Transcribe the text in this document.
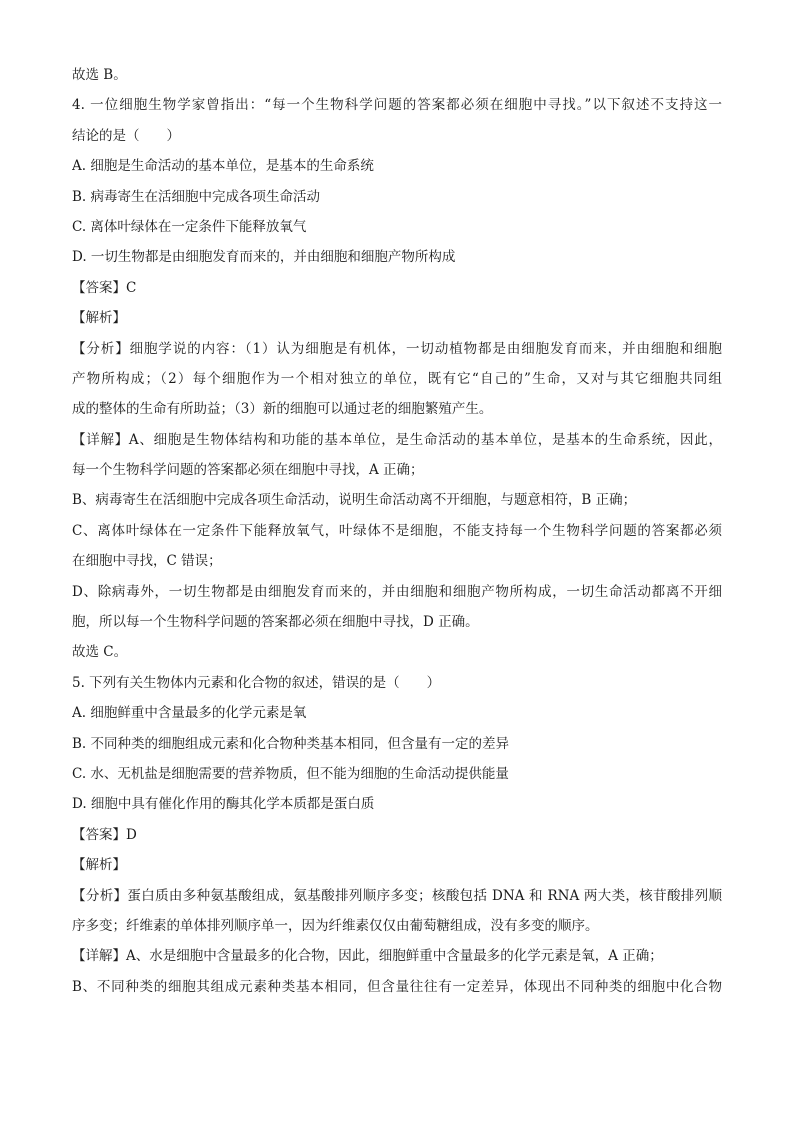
故选 B。
4. 一位细胞生物学家曾指出：“每一个生物科学问题的答案都必须在细胞中寻找。”以下叙述不支持这一
结论的是（　　）
A. 细胞是生命活动的基本单位，是基本的生命系统
B. 病毒寄生在活细胞中完成各项生命活动
C. 离体叶绿体在一定条件下能释放氧气
D. 一切生物都是由细胞发育而来的，并由细胞和细胞产物所构成
【答案】C
【解析】
【分析】细胞学说的内容：（1）认为细胞是有机体，一切动植物都是由细胞发育而来，并由细胞和细胞
产物所构成；（2）每个细胞作为一个相对独立的单位，既有它“自己的”生命，又对与其它细胞共同组
成的整体的生命有所助益；（3）新的细胞可以通过老的细胞繁殖产生。
【详解】A、细胞是生物体结构和功能的基本单位，是生命活动的基本单位，是基本的生命系统，因此，
每一个生物科学问题的答案都必须在细胞中寻找，A 正确；
B、病毒寄生在活细胞中完成各项生命活动，说明生命活动离不开细胞，与题意相符，B 正确；
C、离体叶绿体在一定条件下能释放氧气，叶绿体不是细胞，不能支持每一个生物科学问题的答案都必须
在细胞中寻找，C 错误；
D、除病毒外，一切生物都是由细胞发育而来的，并由细胞和细胞产物所构成，一切生命活动都离不开细
胞，所以每一个生物科学问题的答案都必须在细胞中寻找，D 正确。
故选 C。
5. 下列有关生物体内元素和化合物的叙述，错误的是（　　）
A. 细胞鲜重中含量最多的化学元素是氧
B. 不同种类的细胞组成元素和化合物种类基本相同，但含量有一定的差异
C. 水、无机盐是细胞需要的营养物质，但不能为细胞的生命活动提供能量
D. 细胞中具有催化作用的酶其化学本质都是蛋白质
【答案】D
【解析】
【分析】蛋白质由多种氨基酸组成，氨基酸排列顺序多变；核酸包括 DNA 和 RNA 两大类，核苷酸排列顺
序多变；纤维素的单体排列顺序单一，因为纤维素仅仅由葡萄糖组成，没有多变的顺序。
【详解】A、水是细胞中含量最多的化合物，因此，细胞鲜重中含量最多的化学元素是氧，A 正确；
B、不同种类的细胞其组成元素种类基本相同，但含量往往有一定差异，体现出不同种类的细胞中化合物
